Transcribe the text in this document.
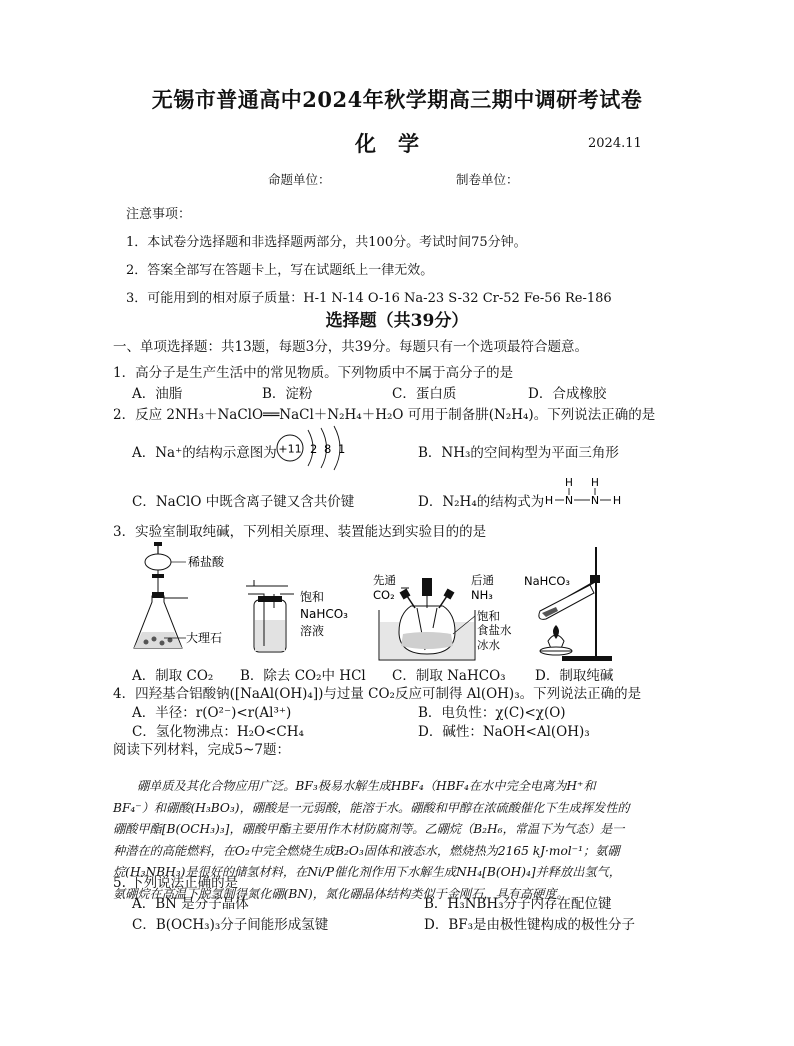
无锡市普通高中2024年秋学期高三期中调研考试卷
化学	2024.11
命题单位：	制卷单位：
注意事项：
1．本试卷分选择题和非选择题两部分，共100分。考试时间75分钟。
2．答案全部写在答题卡上，写在试题纸上一律无效。
3．可能用到的相对原子质量：H-1 N-14 O-16 Na-23 S-32 Cr-52 Fe-56 Re-186
选择题（共39分）
一、单项选择题：共13题，每题3分，共39分。每题只有一个选项最符合题意。
1．高分子是生产生活中的常见物质。下列物质中不属于高分子的是
A．油脂	B．淀粉	C．蛋白质	D．合成橡胶
2．反应 2NH₃＋NaClO══NaCl＋N₂H₄＋H₂O 可用于制备肼(N₂H₄)。下列说法正确的是
A．Na⁺的结构示意图为 +11 2 8 1	B．NH₃的空间构型为平面三角形
C．NaClO 中既含离子键又含共价键	D．N₂H₄的结构式为
H H
H N N H
3．实验室制取纯碱，下列相关原理、装置能达到实验目的的是
稀盐酸
大理石
饱和
NaHCO₃
溶液
先通
CO₂
后通
NH₃
饱和
食盐水
冰水
NaHCO₃
A．制取 CO₂ B．除去 CO₂中 HCl C．制取 NaHCO₃ D．制取纯碱
4．四羟基合铝酸钠([NaAl(OH)₄])与过量 CO₂反应可制得 Al(OH)₃。下列说法正确的是
A．半径：r(O²⁻)<r(Al³⁺)	B．电负性：χ(C)<χ(O)
C．氢化物沸点：H₂O<CH₄	D．碱性：NaOH<Al(OH)₃
阅读下列材料，完成5~7题：

硼单质及其化合物应用广泛。BF₃极易水解生成HBF₄（HBF₄在水中完全电离为H⁺和

BF₄⁻）和硼酸(H₃BO₃)，硼酸是一元弱酸，能溶于水。硼酸和甲醇在浓硫酸催化下生成挥发性的

硼酸甲酯[B(OCH₃)₃]，硼酸甲酯主要用作木材防腐剂等。乙硼烷（B₂H₆，常温下为气态）是一

种潜在的高能燃料，在O₂中完全燃烧生成B₂O₃固体和液态水，燃烧热为2165 kJ·mol⁻¹；氨硼

烷(H₃NBH₃)是很好的储氢材料，在Ni/P催化剂作用下水解生成NH₄[B(OH)₄]并释放出氢气，

氨硼烷在高温下脱氢制得氮化硼(BN)，氮化硼晶体结构类似于金刚石，具有高硬度。

5. 下列说法正确的是
A．BN 是分子晶体	B．H₃NBH₃分子内存在配位键
C．B(OCH₃)₃分子间能形成氢键	D．BF₃是由极性键构成的极性分子
